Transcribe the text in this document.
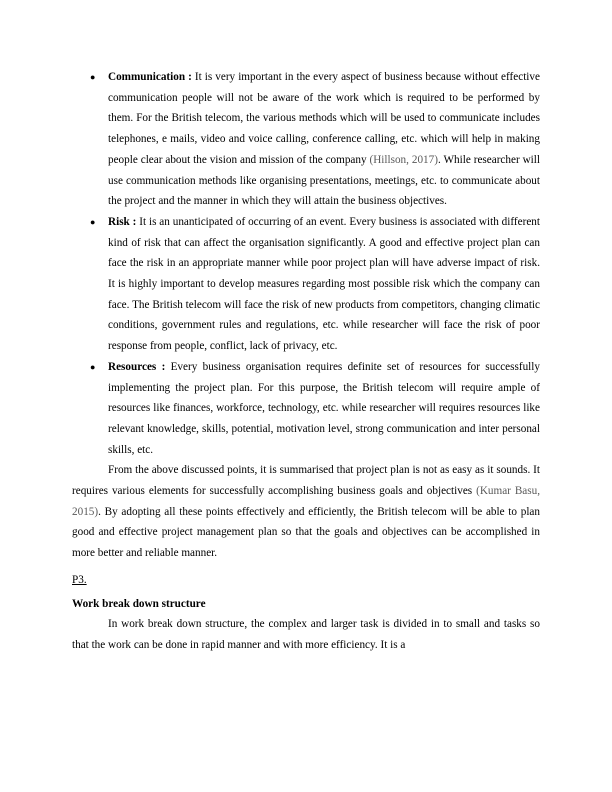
● Communication : It is very important in the every aspect of business because without effective communication people will not be aware of the work which is required to be performed by them. For the British telecom, the various methods which will be used to communicate includes telephones, e mails, video and voice calling, conference calling, etc. which will help in making people clear about the vision and mission of the company (Hillson, 2017). While researcher will use communication methods like organising presentations, meetings, etc. to communicate about the project and the manner in which they will attain the business objectives.
● Risk : It is an unanticipated of occurring of an event. Every business is associated with different kind of risk that can affect the organisation significantly. A good and effective project plan can face the risk in an appropriate manner while poor project plan will have adverse impact of risk. It is highly important to develop measures regarding most possible risk which the company can face. The British telecom will face the risk of new products from competitors, changing climatic conditions, government rules and regulations, etc. while researcher will face the risk of poor response from people, conflict, lack of privacy, etc.
● Resources : Every business organisation requires definite set of resources for successfully implementing the project plan. For this purpose, the British telecom will require ample of resources like finances, workforce, technology, etc. while researcher will requires resources like relevant knowledge, skills, potential, motivation level, strong communication and inter personal skills, etc.

From the above discussed points, it is summarised that project plan is not as easy as it sounds. It requires various elements for successfully accomplishing business goals and objectives (Kumar Basu, 2015). By adopting all these points effectively and efficiently, the British telecom will be able to plan good and effective project management plan so that the goals and objectives can be accomplished in more better and reliable manner.

P3.

Work break down structure

In work break down structure, the complex and larger task is divided in to small and tasks so that the work can be done in rapid manner and with more efficiency. It is a
